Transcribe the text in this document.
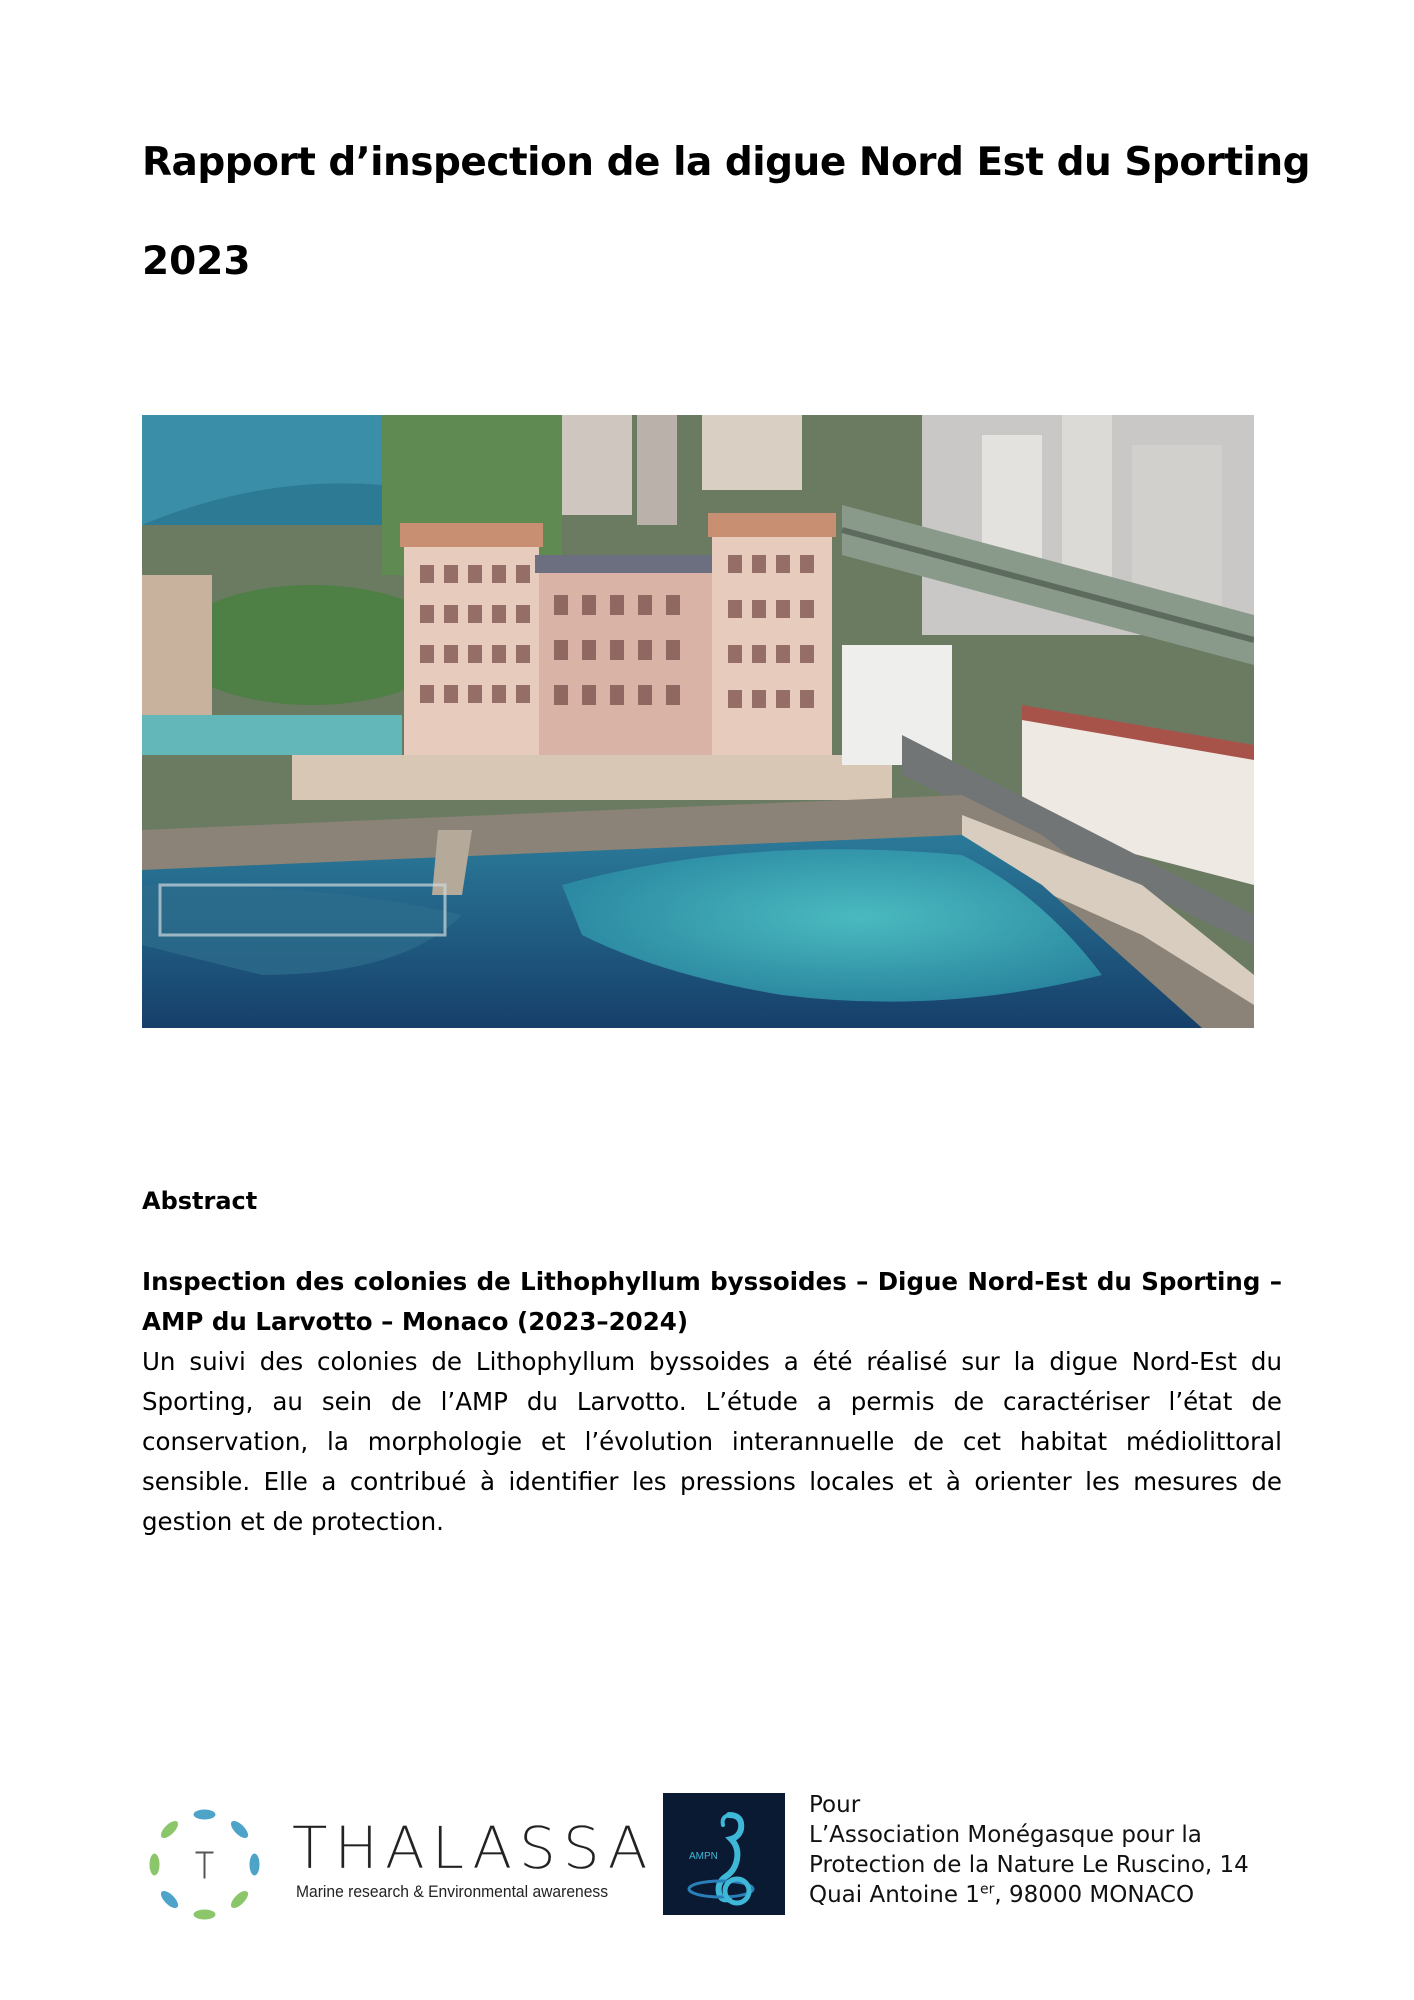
Rapport d’inspection de la digue Nord Est du Sporting
2023
Abstract

Inspection des colonies de Lithophyllum byssoides – Digue Nord-Est du Sporting – AMP du Larvotto – Monaco (2023–2024)

Un suivi des colonies de Lithophyllum byssoides a été réalisé sur la digue Nord-Est du Sporting, au sein de l’AMP du Larvotto. L’étude a permis de caractériser l’état de conservation, la morphologie et l’évolution interannuelle de cet habitat médiolittoral sensible. Elle a contribué à identifier les pressions locales et à orienter les mesures de gestion et de protection.

THALASSA
Marine research & Environmental awareness
AMPN
Pour
L’Association Monégasque pour la
Protection de la Nature Le Ruscino, 14
Quai Antoine 1er, 98000 MONACO
